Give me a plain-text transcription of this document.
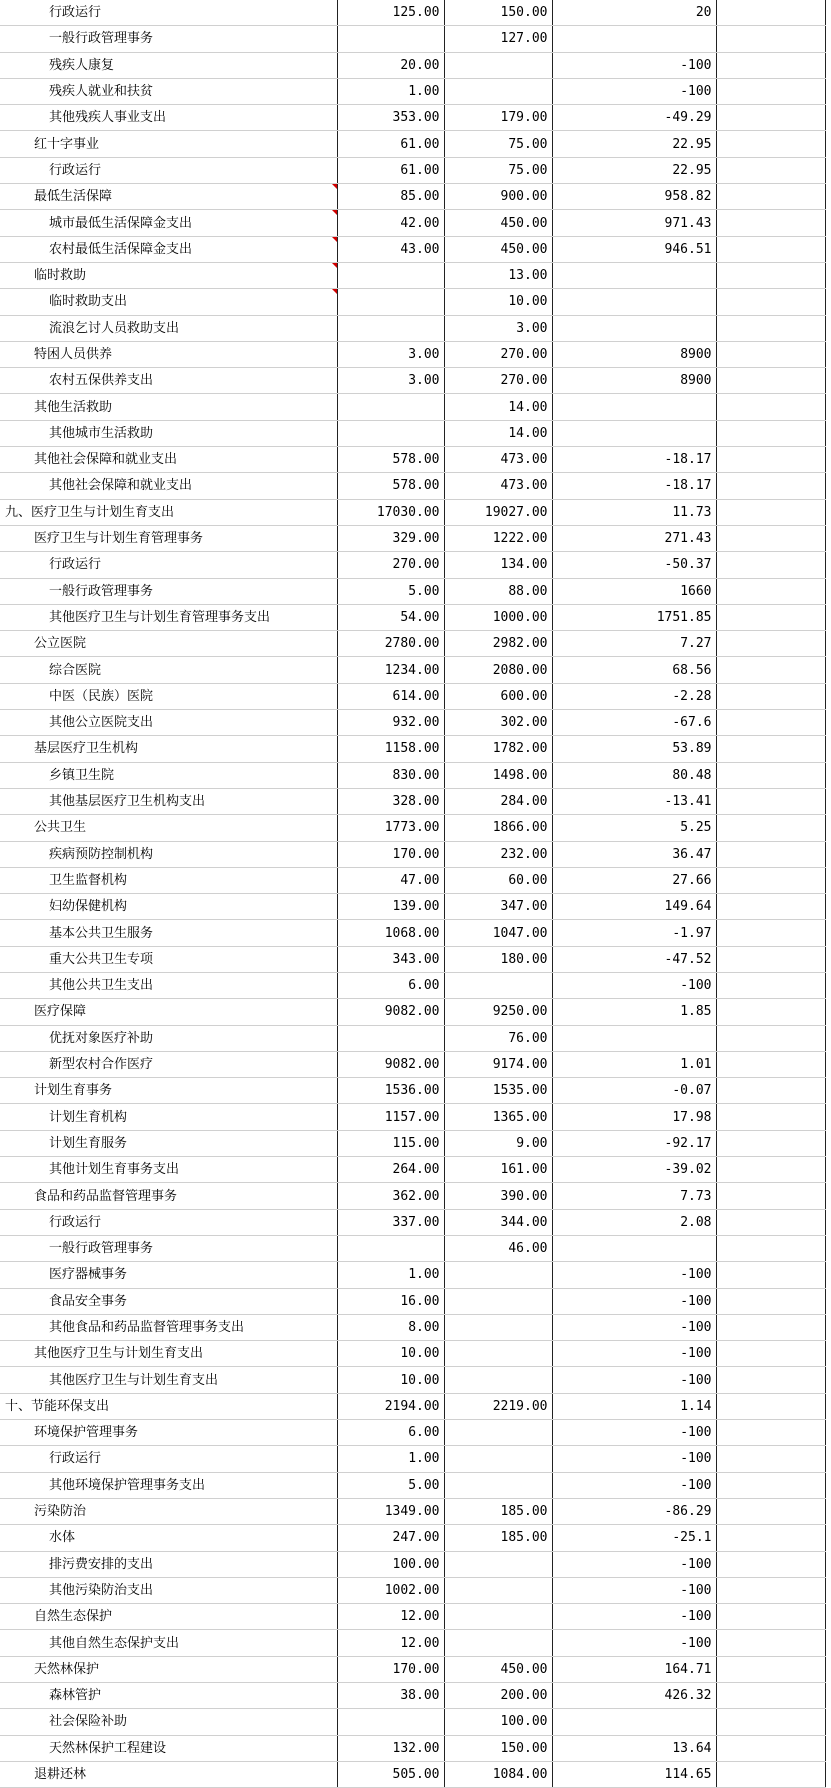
行政运行	125.00	150.00	20	
一般行政管理事务		127.00		
残疾人康复	20.00		-100	
残疾人就业和扶贫	1.00		-100	
其他残疾人事业支出	353.00	179.00	-49.29	
红十字事业	61.00	75.00	22.95	
行政运行	61.00	75.00	22.95	
最低生活保障	85.00	900.00	958.82	
城市最低生活保障金支出	42.00	450.00	971.43	
农村最低生活保障金支出	43.00	450.00	946.51	
临时救助		13.00		
临时救助支出		10.00		
流浪乞讨人员救助支出		3.00		
特困人员供养	3.00	270.00	8900	
农村五保供养支出	3.00	270.00	8900	
其他生活救助		14.00		
其他城市生活救助		14.00		
其他社会保障和就业支出	578.00	473.00	-18.17	
其他社会保障和就业支出	578.00	473.00	-18.17	
九、医疗卫生与计划生育支出	17030.00	19027.00	11.73	
医疗卫生与计划生育管理事务	329.00	1222.00	271.43	
行政运行	270.00	134.00	-50.37	
一般行政管理事务	5.00	88.00	1660	
其他医疗卫生与计划生育管理事务支出	54.00	1000.00	1751.85	
公立医院	2780.00	2982.00	7.27	
综合医院	1234.00	2080.00	68.56	
中医（民族）医院	614.00	600.00	-2.28	
其他公立医院支出	932.00	302.00	-67.6	
基层医疗卫生机构	1158.00	1782.00	53.89	
乡镇卫生院	830.00	1498.00	80.48	
其他基层医疗卫生机构支出	328.00	284.00	-13.41	
公共卫生	1773.00	1866.00	5.25	
疾病预防控制机构	170.00	232.00	36.47	
卫生监督机构	47.00	60.00	27.66	
妇幼保健机构	139.00	347.00	149.64	
基本公共卫生服务	1068.00	1047.00	-1.97	
重大公共卫生专项	343.00	180.00	-47.52	
其他公共卫生支出	6.00		-100	
医疗保障	9082.00	9250.00	1.85	
优抚对象医疗补助		76.00		
新型农村合作医疗	9082.00	9174.00	1.01	
计划生育事务	1536.00	1535.00	-0.07	
计划生育机构	1157.00	1365.00	17.98	
计划生育服务	115.00	9.00	-92.17	
其他计划生育事务支出	264.00	161.00	-39.02	
食品和药品监督管理事务	362.00	390.00	7.73	
行政运行	337.00	344.00	2.08	
一般行政管理事务		46.00		
医疗器械事务	1.00		-100	
食品安全事务	16.00		-100	
其他食品和药品监督管理事务支出	8.00		-100	
其他医疗卫生与计划生育支出	10.00		-100	
其他医疗卫生与计划生育支出	10.00		-100	
十、节能环保支出	2194.00	2219.00	1.14	
环境保护管理事务	6.00		-100	
行政运行	1.00		-100	
其他环境保护管理事务支出	5.00		-100	
污染防治	1349.00	185.00	-86.29	
水体	247.00	185.00	-25.1	
排污费安排的支出	100.00		-100	
其他污染防治支出	1002.00		-100	
自然生态保护	12.00		-100	
其他自然生态保护支出	12.00		-100	
天然林保护	170.00	450.00	164.71	
森林管护	38.00	200.00	426.32	
社会保险补助		100.00		
天然林保护工程建设	132.00	150.00	13.64	
退耕还林	505.00	1084.00	114.65	
